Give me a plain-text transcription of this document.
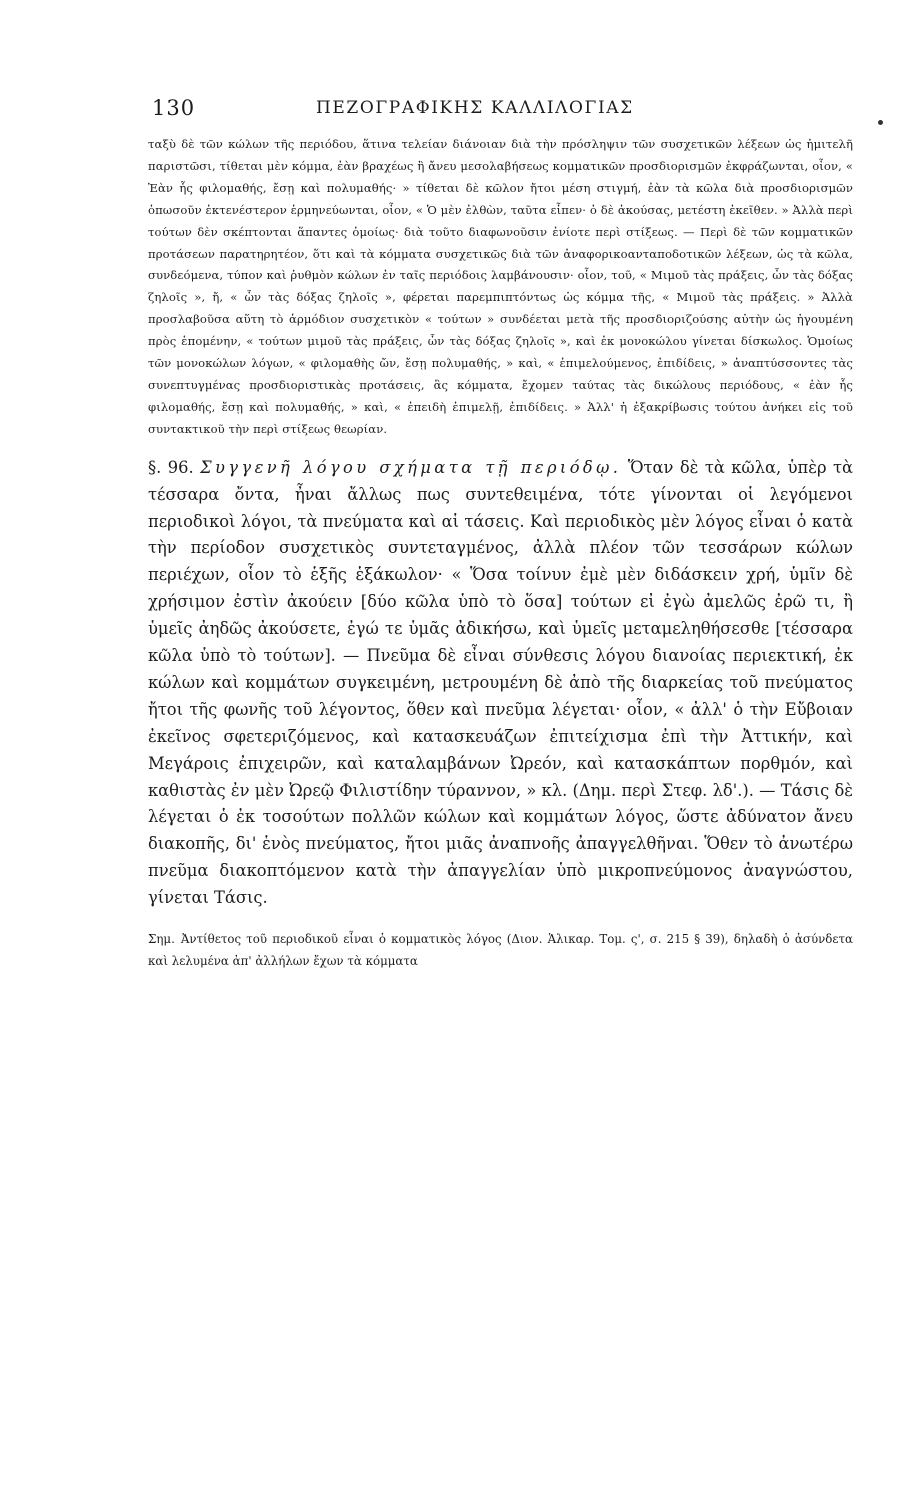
130	ΠΕΖΟΓΡΑΦΙΚΗΣ ΚΑΛΛΙΛΟΓΙΑΣ

ταξὺ δὲ τῶν κώλων τῆς περιόδου, ἅτινα τελείαν διάνοιαν διὰ τὴν πρόσληψιν τῶν συσχετικῶν λέξεων ὡς ἡμιτελῆ παριστῶσι, τίθεται μὲν κόμμα, ἐὰν βραχέως ἢ ἄνευ μεσολαβήσεως κομματικῶν προσδιορισμῶν ἐκφράζωνται, οἷον, « Ἐὰν ἧς φιλομαθής, ἔσῃ καὶ πολυμαθής· » τίθεται δὲ κῶλον ἤτοι μέση στιγμή, ἐὰν τὰ κῶλα διὰ προσδιορισμῶν ὁπωσοῦν ἐκτενέστερον ἑρμηνεύωνται, οἷον, « Ὁ μὲν ἐλθὼν, ταῦτα εἶπεν· ὁ δὲ ἀκούσας, μετέστη ἐκεῖθεν. » Ἀλλὰ περὶ τούτων δὲν σκέπτονται ἅπαντες ὁμοίως· διὰ τοῦτο διαφωνοῦσιν ἐνίοτε περὶ στίξεως. — Περὶ δὲ τῶν κομματικῶν προτάσεων παρατηρητέον, ὅτι καὶ τὰ κόμματα συσχετικῶς διὰ τῶν ἀναφορικοανταποδοτικῶν λέξεων, ὡς τὰ κῶλα, συνδεόμενα, τύπον καὶ ῥυθμὸν κώλων ἐν ταῖς περιόδοις λαμβάνουσιν· οἷον, τοῦ, « Μιμοῦ τὰς πράξεις, ὧν τὰς δόξας ζηλοῖς », ἤ, « ὧν τὰς δόξας ζηλοῖς », φέρεται παρεμπιπτόντως ὡς κόμμα τῆς, « Μιμοῦ τὰς πράξεις. » Ἀλλὰ προσλαβοῦσα αὕτη τὸ ἁρμόδιον συσχετικὸν « τούτων » συνδέεται μετὰ τῆς προσδιοριζούσης αὐτὴν ὡς ἡγουμένη πρὸς ἑπομένην, « τούτων μιμοῦ τὰς πράξεις, ὧν τὰς δόξας ζηλοῖς », καὶ ἐκ μονοκώλου γίνεται δίσκωλος. Ὁμοίως τῶν μονοκώλων λόγων, « φιλομαθὴς ὤν, ἔσῃ πολυμαθής, » καὶ, « ἐπιμελούμενος, ἐπιδίδεις, » ἀναπτύσσοντες τὰς συνεπτυγμένας προσδιοριστικὰς προτάσεις, ἃς κόμματα, ἔχομεν ταύτας τὰς δικώλους περιόδους, « ἐὰν ἧς φιλομαθής, ἔσῃ καὶ πολυμαθής, » καὶ, « ἐπειδὴ ἐπιμελῇ, ἐπιδίδεις. » Ἀλλ' ἡ ἐξακρίβωσις τούτου ἀνήκει εἰς τοῦ συντακτικοῦ τὴν περὶ στίξεως θεωρίαν.

§. 96. Συγγενῆ λόγου σχήματα τῇ περιόδῳ. Ὅταν δὲ τὰ κῶλα, ὑπὲρ τὰ τέσσαρα ὄντα, ἦναι ἄλλως πως συντεθειμένα, τότε γίνονται οἱ λεγόμενοι περιοδικοὶ λόγοι, τὰ πνεύματα καὶ αἱ τάσεις. Καὶ περιοδικὸς μὲν λόγος εἶναι ὁ κατὰ τὴν περίοδον συσχετικὸς συντεταγμένος, ἀλλὰ πλέον τῶν τεσσάρων κώλων περιέχων, οἷον τὸ ἑξῆς ἑξάκωλον· « Ὅσα τοίνυν ἐμὲ μὲν διδάσκειν χρή, ὑμῖν δὲ χρήσιμον ἐστὶν ἀκούειν [δύο κῶλα ὑπὸ τὸ ὅσα] τούτων εἰ ἐγὼ ἀμελῶς ἐρῶ τι, ἢ ὑμεῖς ἀηδῶς ἀκούσετε, ἐγώ τε ὑμᾶς ἀδικήσω, καὶ ὑμεῖς μεταμεληθήσεσθε [τέσσαρα κῶλα ὑπὸ τὸ τούτων]. — Πνεῦμα δὲ εἶναι σύνθεσις λόγου διανοίας περιεκτική, ἐκ κώλων καὶ κομμάτων συγκειμένη, μετρουμένη δὲ ἀπὸ τῆς διαρκείας τοῦ πνεύματος ἤτοι τῆς φωνῆς τοῦ λέγοντος, ὅθεν καὶ πνεῦμα λέγεται· οἷον, « ἀλλ' ὁ τὴν Εὔβοιαν ἐκεῖνος σφετεριζόμενος, καὶ κατασκευάζων ἐπιτείχισμα ἐπὶ τὴν Ἀττικήν, καὶ Μεγάροις ἐπιχειρῶν, καὶ καταλαμβάνων Ὠρεόν, καὶ κατασκάπτων πορθμόν, καὶ καθιστὰς ἐν μὲν Ὠρεῷ Φιλιστίδην τύραννον, » κλ. (Δημ. περὶ Στεφ. λδ'.). — Τάσις δὲ λέγεται ὁ ἐκ τοσούτων πολλῶν κώλων καὶ κομμάτων λόγος, ὥστε ἀδύνατον ἄνευ διακοπῆς, δι' ἑνὸς πνεύματος, ἤτοι μιᾶς ἀναπνοῆς ἀπαγγελθῆναι. Ὅθεν τὸ ἀνωτέρω πνεῦμα διακοπτόμενον κατὰ τὴν ἀπαγγελίαν ὑπὸ μικροπνεύμονος ἀναγνώστου, γίνεται Τάσις.

Σημ. Ἀντίθετος τοῦ περιοδικοῦ εἶναι ὁ κομματικὸς λόγος (Διον. Ἁλικαρ. Τομ. ς', σ. 215 § 39), δηλαδὴ ὁ ἀσύνδετα καὶ λελυμένα ἀπ' ἀλλήλων ἔχων τὰ κόμματα
